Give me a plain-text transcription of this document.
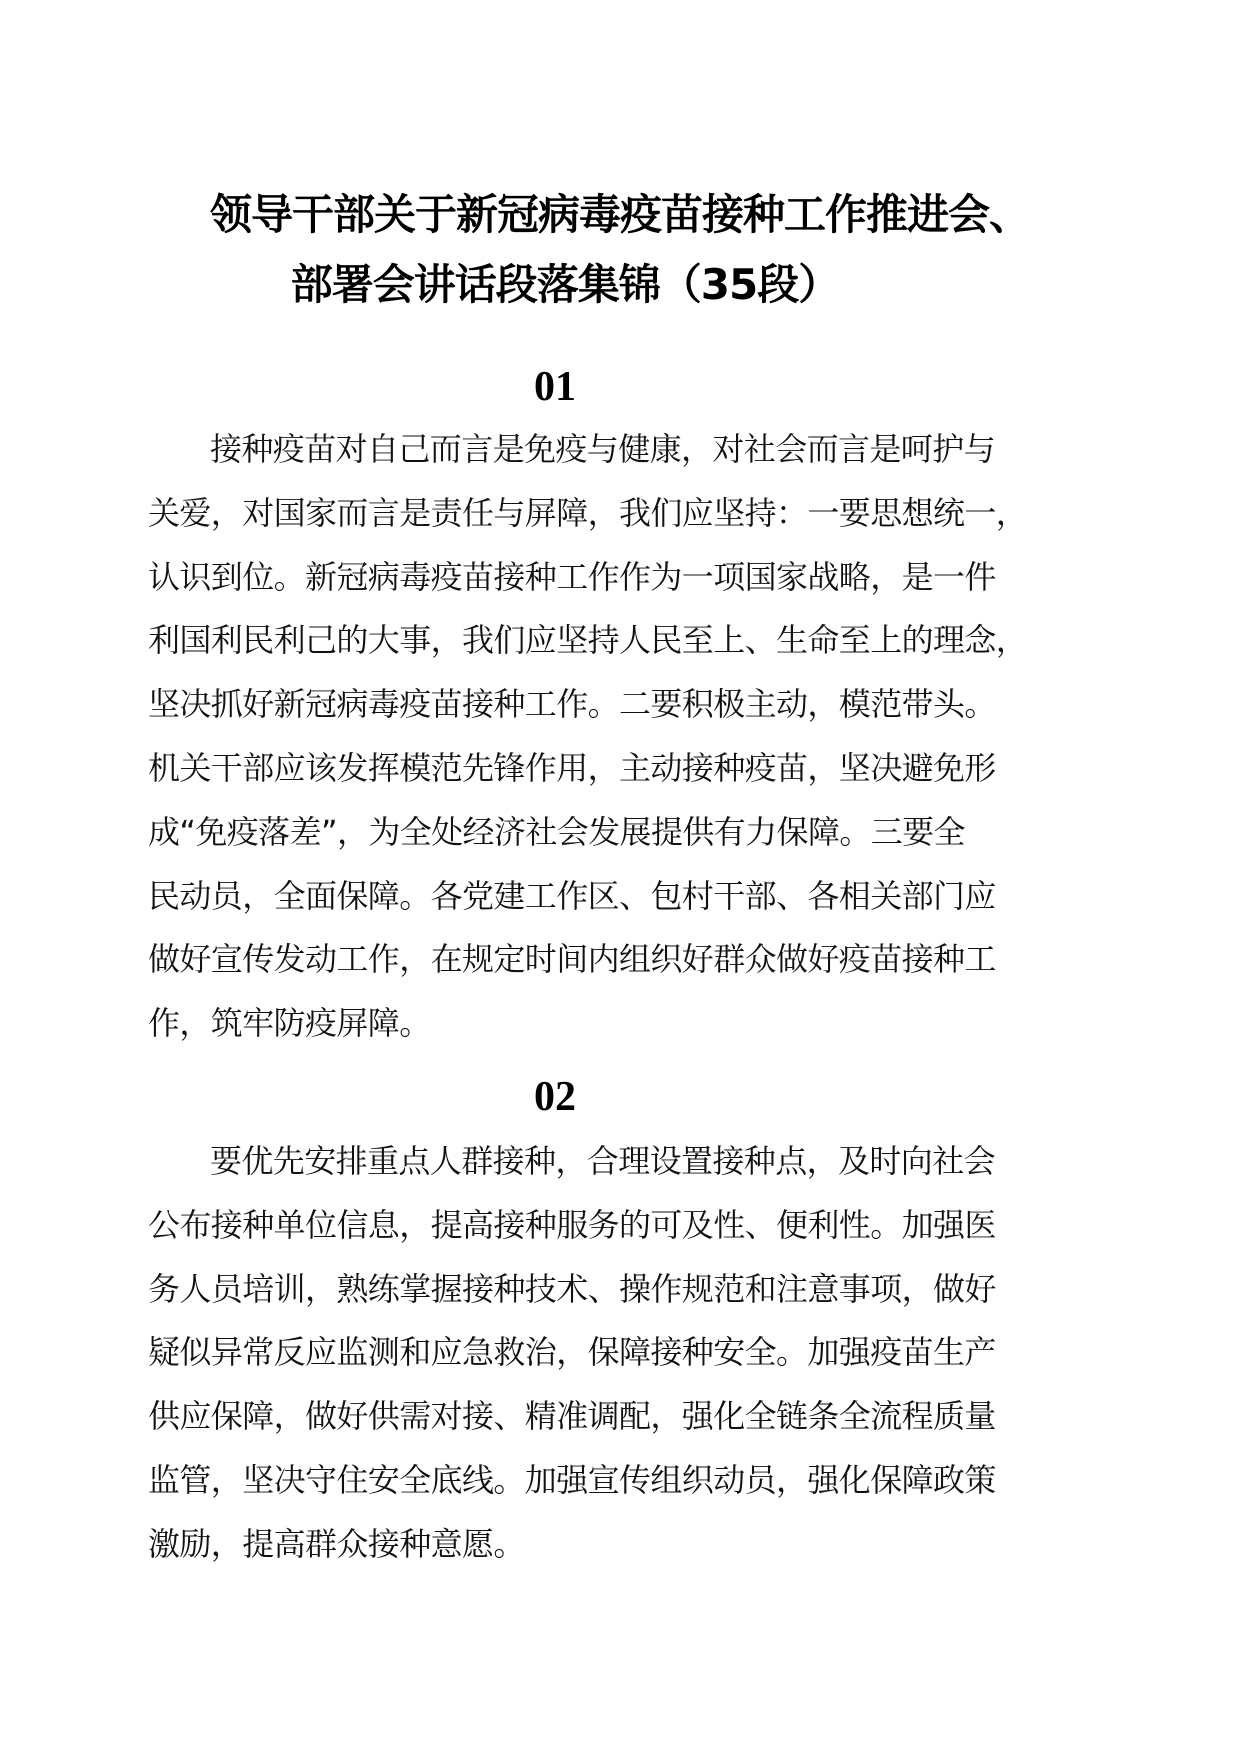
领导干部关于新冠病毒疫苗接种工作推进会、
部署会讲话段落集锦（35段）
01
接种疫苗对自己而言是免疫与健康，对社会而言是呵护与
关爱，对国家而言是责任与屏障，我们应坚持：一要思想统一，
认识到位。新冠病毒疫苗接种工作作为一项国家战略，是一件
利国利民利己的大事，我们应坚持人民至上、生命至上的理念，
坚决抓好新冠病毒疫苗接种工作。二要积极主动，模范带头。
机关干部应该发挥模范先锋作用，主动接种疫苗，坚决避免形
成“免疫落差”，为全处经济社会发展提供有力保障。三要全
民动员，全面保障。各党建工作区、包村干部、各相关部门应
做好宣传发动工作，在规定时间内组织好群众做好疫苗接种工
作，筑牢防疫屏障。
02
要优先安排重点人群接种，合理设置接种点，及时向社会
公布接种单位信息，提高接种服务的可及性、便利性。加强医
务人员培训，熟练掌握接种技术、操作规范和注意事项，做好
疑似异常反应监测和应急救治，保障接种安全。加强疫苗生产
供应保障，做好供需对接、精准调配，强化全链条全流程质量
监管，坚决守住安全底线。加强宣传组织动员，强化保障政策
激励，提高群众接种意愿。
